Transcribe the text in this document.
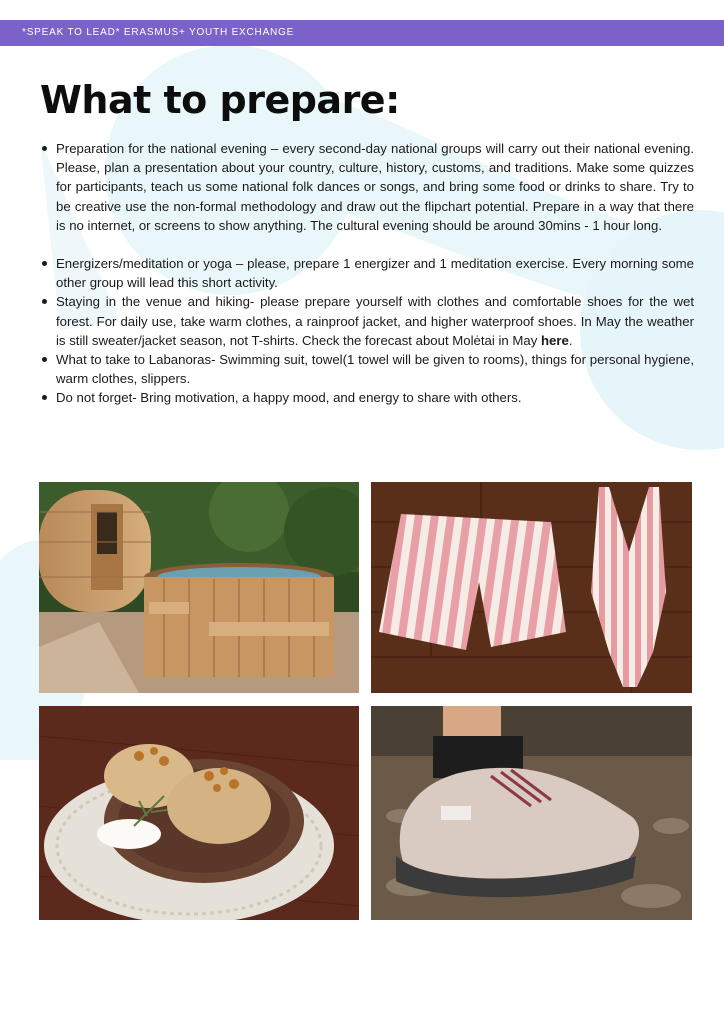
*SPEAK TO LEAD* ERASMUS+ YOUTH EXCHANGE
What to prepare:
Preparation for the national evening – every second-day national groups will carry out their national evening. Please, plan a presentation about your country, culture, history, customs, and traditions. Make some quizzes for participants, teach us some national folk dances or songs, and bring some food or drinks to share. Try to be creative use the non-formal methodology and draw out the flipchart potential. Prepare in a way that there is no internet, or screens to show anything. The cultural evening should be around 30mins - 1 hour long.
Energizers/meditation or yoga – please, prepare 1 energizer and 1 meditation exercise. Every morning some other group will lead this short activity.
Staying in the venue and hiking- please prepare yourself with clothes and comfortable shoes for the wet forest. For daily use, take warm clothes, a rainproof jacket, and higher waterproof shoes. In May the weather is still sweater/jacket season, not T-shirts. Check the forecast about Molėtai in May here.
What to take to Labanoras- Swimming suit, towel(1 towel will be given to rooms), things for personal hygiene, warm clothes, slippers.
Do not forget- Bring motivation, a happy mood, and energy to share with others.
